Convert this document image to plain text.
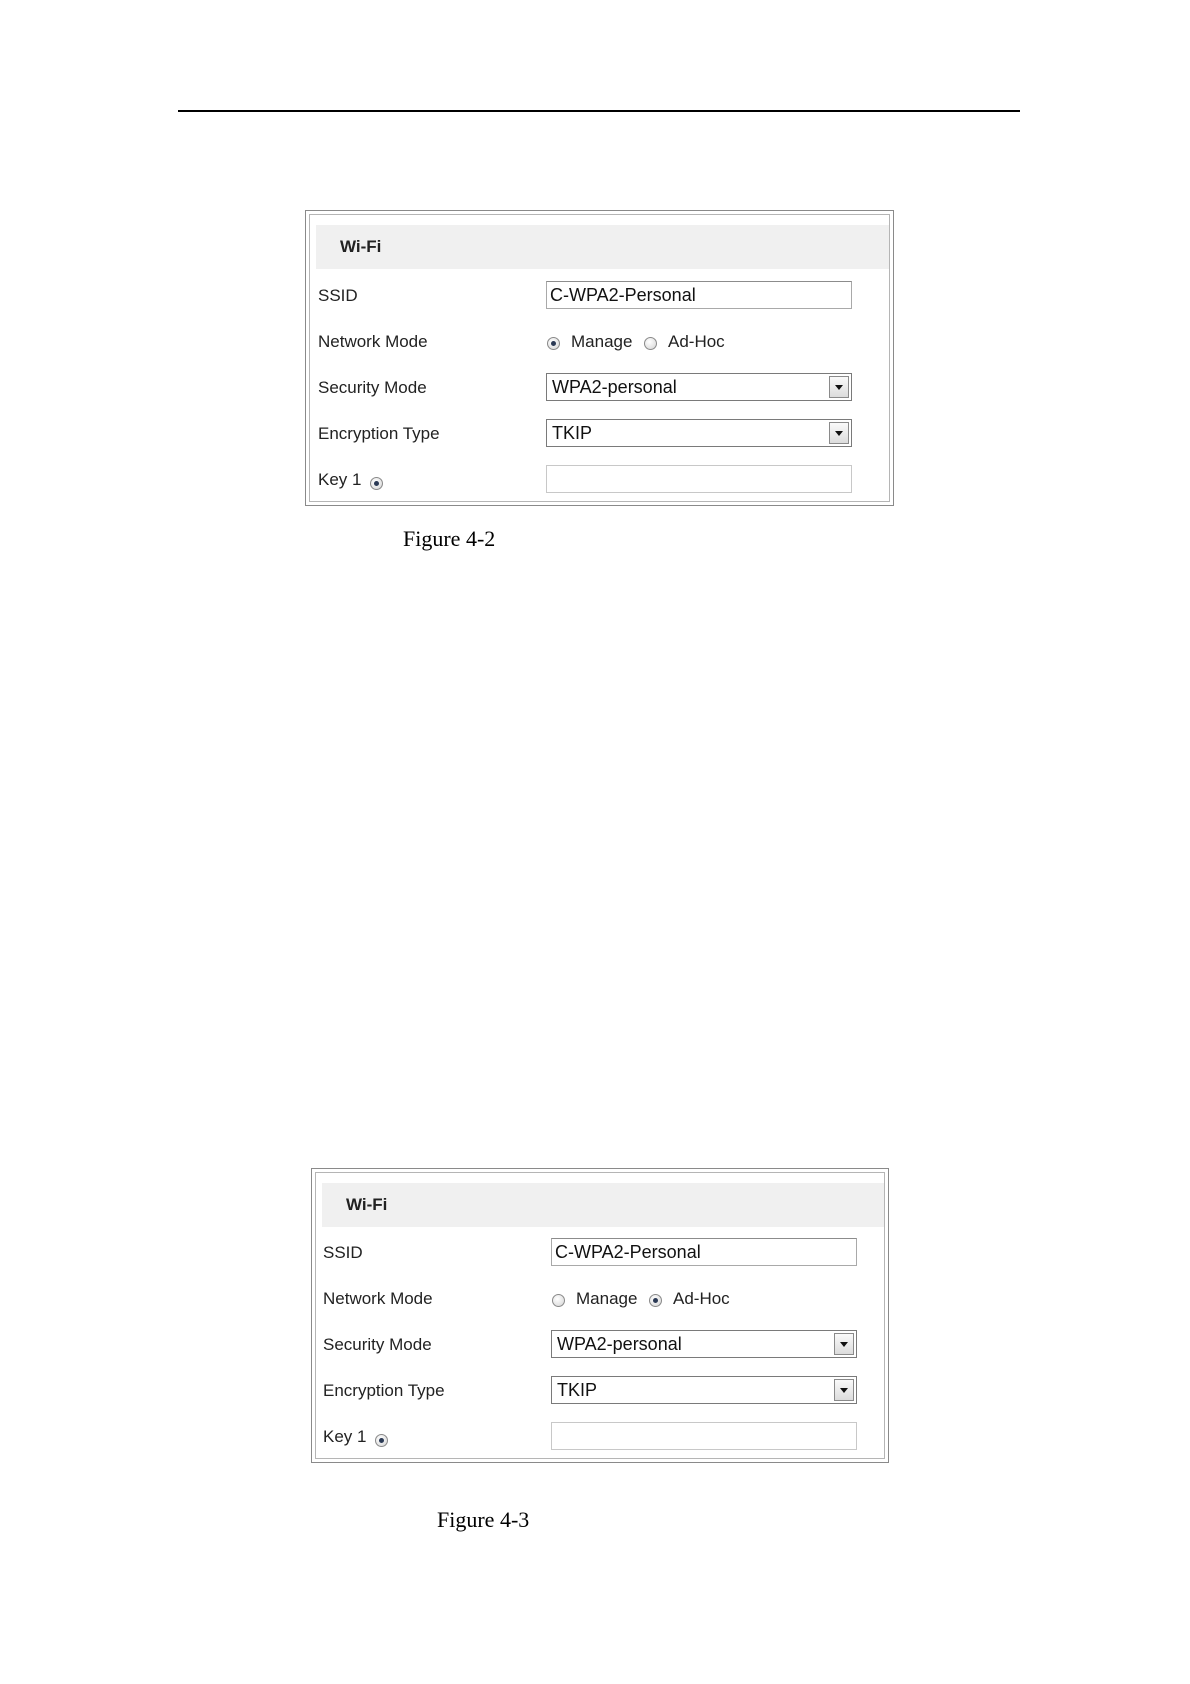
Wi-Fi
SSID	C-WPA2-Personal
Network Mode	Manage Ad-Hoc
Security Mode	WPA2-personal
Encryption Type	TKIP
Key 1
Figure 4-2
Wi-Fi
SSID	C-WPA2-Personal
Network Mode	Manage Ad-Hoc
Security Mode	WPA2-personal
Encryption Type	TKIP
Key 1
Figure 4-3
